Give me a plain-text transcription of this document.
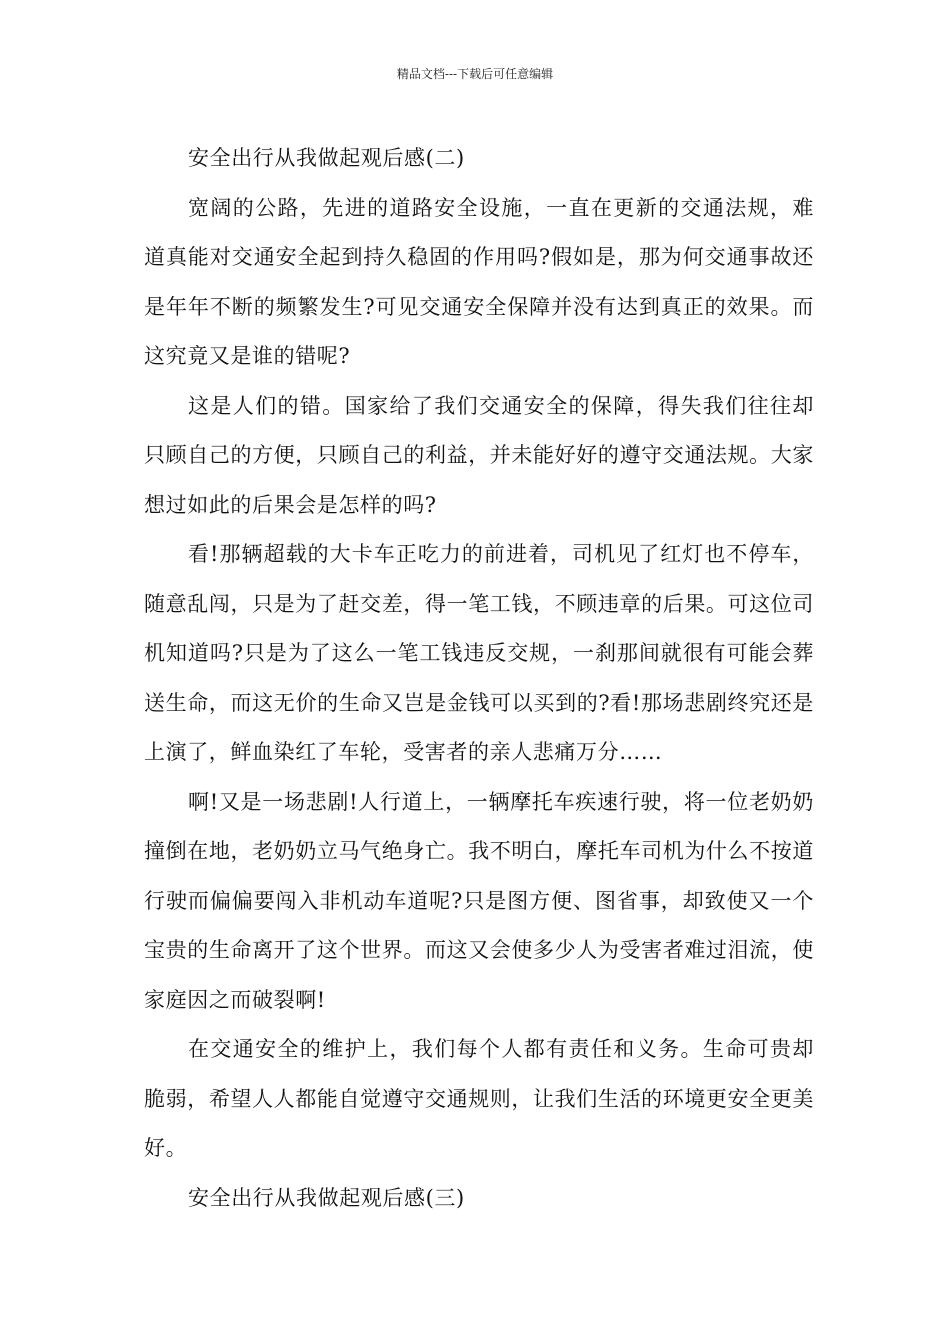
精品文档---下载后可任意编辑

安全出行从我做起观后感(二)

宽阔的公路，先进的道路安全设施，一直在更新的交通法规，难道真能对交通安全起到持久稳固的作用吗?假如是，那为何交通事故还是年年不断的频繁发生?可见交通安全保障并没有达到真正的效果。而这究竟又是谁的错呢?

这是人们的错。国家给了我们交通安全的保障，得失我们往往却只顾自己的方便，只顾自己的利益，并未能好好的遵守交通法规。大家想过如此的后果会是怎样的吗?

看!那辆超载的大卡车正吃力的前进着，司机见了红灯也不停车，随意乱闯，只是为了赶交差，得一笔工钱，不顾违章的后果。可这位司机知道吗?只是为了这么一笔工钱违反交规，一刹那间就很有可能会葬送生命，而这无价的生命又岂是金钱可以买到的?看!那场悲剧终究还是上演了，鲜血染红了车轮，受害者的亲人悲痛万分……

啊!又是一场悲剧!人行道上，一辆摩托车疾速行驶，将一位老奶奶撞倒在地，老奶奶立马气绝身亡。我不明白，摩托车司机为什么不按道行驶而偏偏要闯入非机动车道呢?只是图方便、图省事，却致使又一个宝贵的生命离开了这个世界。而这又会使多少人为受害者难过泪流，使家庭因之而破裂啊!

在交通安全的维护上，我们每个人都有责任和义务。生命可贵却脆弱，希望人人都能自觉遵守交通规则，让我们生活的环境更安全更美好。

安全出行从我做起观后感(三)
